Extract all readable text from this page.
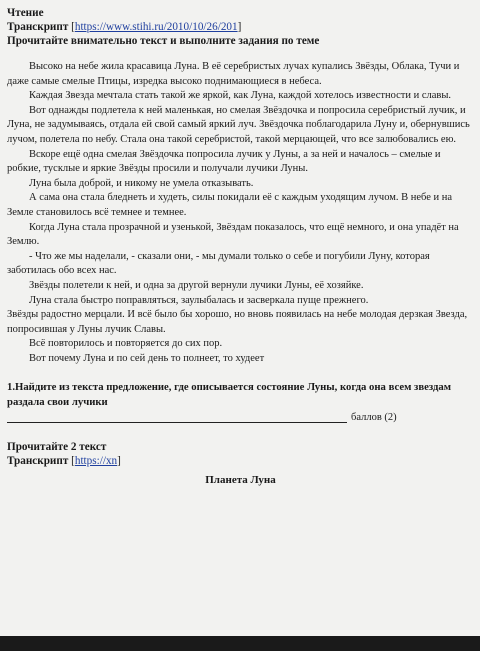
Чтение
Транскрипт [https://www.stihi.ru/2010/10/26/201]
Прочитайте внимательно текст и выполните задания по теме

Высоко на небе жила красавица Луна. В её серебристых лучах купались Звёзды, Облака, Тучи и даже самые смелые Птицы, изредка высоко поднимающиеся в небеса.

Каждая Звезда мечтала стать такой же яркой, как Луна, каждой хотелось известности и славы.

Вот однажды подлетела к ней маленькая, но смелая Звёздочка и попросила серебристый лучик, и Луна, не задумываясь, отдала ей свой самый яркий луч. Звёздочка поблагодарила Луну и, обернувшись лучом, полетела по небу. Стала она такой серебристой, такой мерцающей, что все залюбовались ею.

Вскоре ещё одна смелая Звёздочка попросила лучик у Луны, а за ней и началось – смелые и робкие, тусклые и яркие Звёзды просили и получали лучики Луны.

Луна была доброй, и никому не умела отказывать.

А сама она стала бледнеть и худеть, силы покидали её с каждым уходящим лучом. В небе и на Земле становилось всё темнее и темнее.

Когда Луна стала прозрачной и узенькой, Звёздам показалось, что ещё немного, и она упадёт на Землю.

- Что же мы наделали, - сказали они, - мы думали только о себе и погубили Луну, которая заботилась обо всех нас.

Звёзды полетели к ней, и одна за другой вернули лучики Луны, её хозяйке.

Луна стала быстро поправляться, заулыбалась и засверкала пуще прежнего.

Звёзды радостно мерцали. И всё было бы хорошо, но вновь появилась на небе молодая дерзкая Звезда, попросившая у Луны лучик Славы.

Всё повторилось и повторяется до сих пор.

Вот почему Луна и по сей день то полнеет, то худеет

1.Найдите из текста предложение, где описывается состояние Луны, когда она всем звездам раздала свои лучики
баллов (2)
Прочитайте 2 текст
Транскрипт [https://xn]
Планета Луна
